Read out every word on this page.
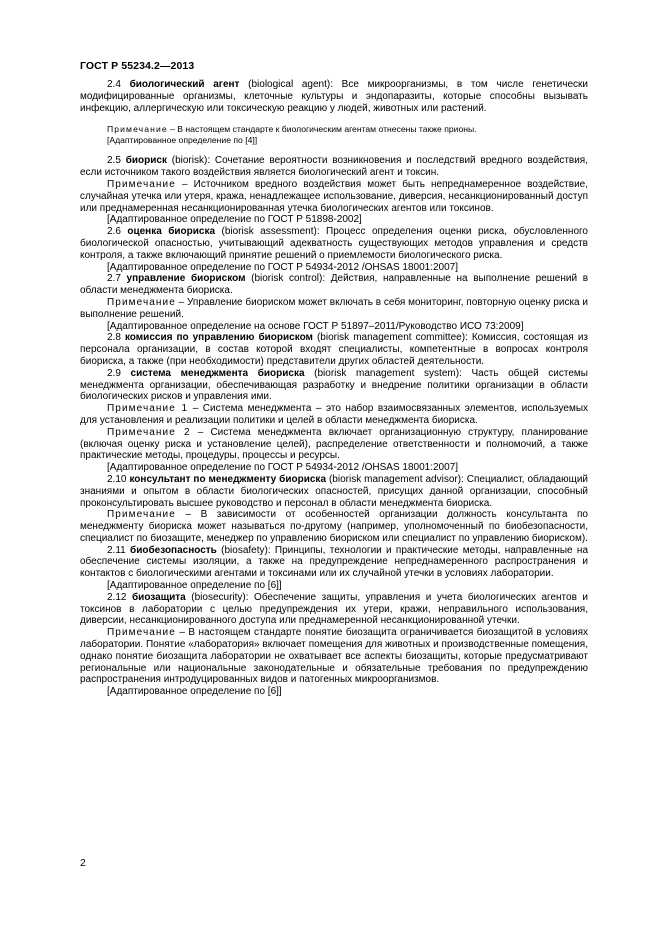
ГОСТ Р 55234.2—2013

2.4 биологический агент (biological agent): Все микроорганизмы, в том числе генетически модифицированные организмы, клеточные культуры и эндопаразиты, которые способны вызывать инфекцию, аллергическую или токсическую реакцию у людей, животных или растений.

Примечание – В настоящем стандарте к биологическим агентам отнесены также прионы.
[Адаптированное определение по [4]]

2.5 биориск (biorisk): Сочетание вероятности возникновения и последствий вредного воздействия, если источником такого воздействия является биологический агент и токсин.

Примечание – Источником вредного воздействия может быть непреднамеренное воздействие, случайная утечка или утеря, кража, ненадлежащее использование, диверсия, несанкционированный доступ или преднамеренная несанкционированная утечка биологических агентов или токсинов.

[Адаптированное определение по ГОСТ Р 51898-2002]

2.6 оценка биориска (biorisk assessment): Процесс определения оценки риска, обусловленного биологической опасностью, учитывающий адекватность существующих методов управления и средств контроля, а также включающий принятие решений о приемлемости биологического риска.

[Адаптированное определение по ГОСТ Р 54934-2012 /OHSAS 18001:2007]

2.7 управление биориском (biorisk control): Действия, направленные на выполнение решений в области менеджмента биориска.

Примечание – Управление биориском может включать в себя мониторинг, повторную оценку риска и выполнение решений.

[Адаптированное определение на основе ГОСТ Р 51897–2011/Руководство ИСО 73:2009]

2.8 комиссия по управлению биориском (biorisk management committee): Комиссия, состоящая из персонала организации, в состав которой входят специалисты, компетентные в вопросах контроля биориска, а также (при необходимости) представители других областей деятельности.

2.9 система менеджмента биориска (biorisk management system): Часть общей системы менеджмента организации, обеспечивающая разработку и внедрение политики организации в области биологических рисков и управления ими.

Примечание 1 – Система менеджмента – это набор взаимосвязанных элементов, используемых для установления и реализации политики и целей в области менеджмента биориска.

Примечание 2 – Система менеджмента включает организационную структуру, планирование (включая оценку риска и установление целей), распределение ответственности и полномочий, а также практические методы, процедуры, процессы и ресурсы.

[Адаптированное определение по ГОСТ Р 54934-2012 /OHSAS 18001:2007]

2.10 консультант по менеджменту биориска (biorisk management advisor): Специалист, обладающий знаниями и опытом в области биологических опасностей, присущих данной организации, способный проконсультировать высшее руководство и персонал в области менеджмента биориска.

Примечание – В зависимости от особенностей организации должность консультанта по менеджменту биориска может называться по-другому (например, уполномоченный по биобезопасности, специалист по биозащите, менеджер по управлению биориском или специалист по управлению биориском).

2.11 биобезопасность (biosafety): Принципы, технологии и практические методы, направленные на обеспечение системы изоляции, а также на предупреждение непреднамеренного распространения и контактов с биологическими агентами и токсинами или их случайной утечки в условиях лаборатории.

[Адаптированное определение по [6]]

2.12 биозащита (biosecurity): Обеспечение защиты, управления и учета биологических агентов и токсинов в лаборатории с целью предупреждения их утери, кражи, неправильного использования, диверсии, несанкционированного доступа или преднамеренной несанкционированной утечки.

Примечание – В настоящем стандарте понятие биозащита ограничивается биозащитой в условиях лаборатории. Понятие «лаборатория» включает помещения для животных и производственные помещения, однако понятие биозащита лаборатории не охватывает все аспекты биозащиты, которые предусматривают региональные или национальные законодательные и обязательные требования по предупреждению распространения интродуцированных видов и патогенных микроорганизмов.

[Адаптированное определение по [6]]

2
